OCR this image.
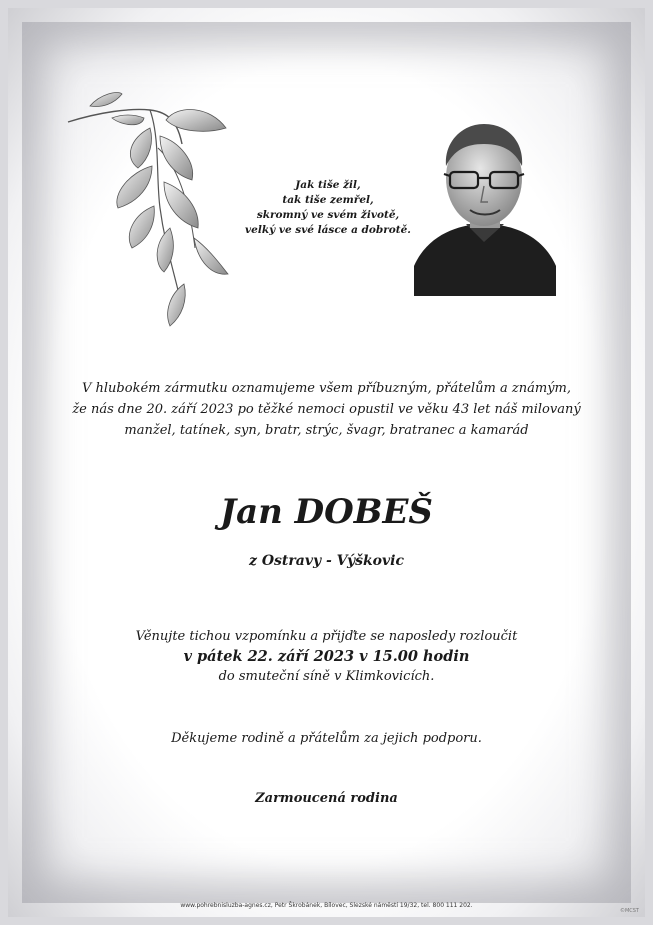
Jak tiše žil,
tak tiše zemřel,
skromný ve svém životě,
velký ve své lásce a dobrotě.
V hlubokém zármutku oznamujeme všem příbuzným, přátelům a známým,
že nás dne 20. září 2023 po těžké nemoci opustil ve věku 43 let náš milovaný
manžel, tatínek, syn, bratr, strýc, švagr, bratranec a kamarád
Jan DOBEŠ
z Ostravy - Výškovic
Věnujte tichou vzpomínku a přijďte se naposledy rozloučit
v pátek 22. září 2023 v 15.00 hodin
do smuteční síně v Klimkovicích.
Děkujeme rodině a přátelům za jejich podporu.
Zarmoucená rodina
www.pohrebnisluzba-agnes.cz, Petr Škrobánek, Bílovec, Slezské náměstí 19/32, tel. 800 111 202.
©MCST
